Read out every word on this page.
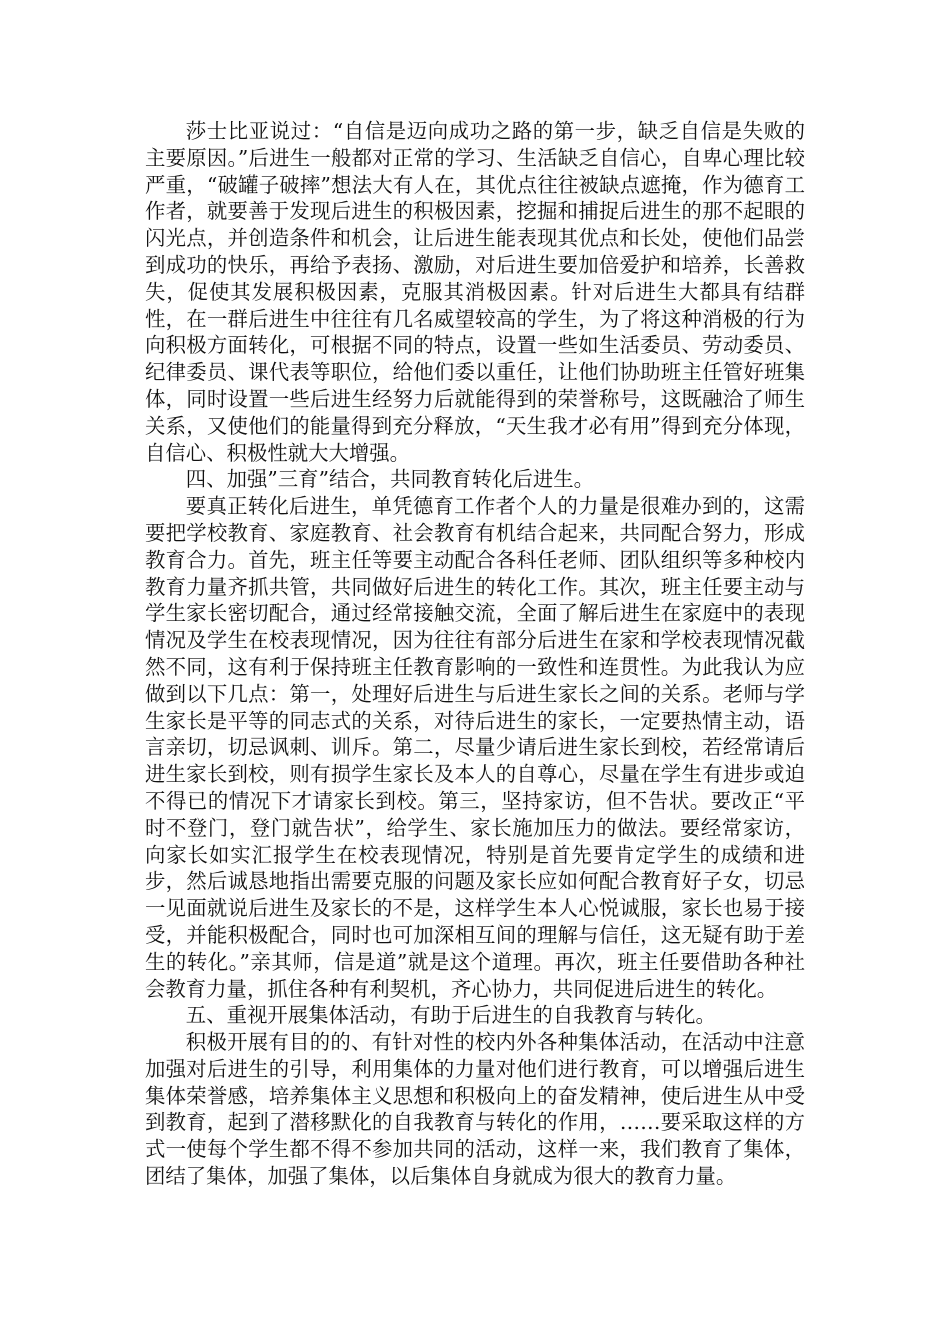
莎士比亚说过：“自信是迈向成功之路的第一步，缺乏自信是失败的主要原因。”后进生一般都对正常的学习、生活缺乏自信心，自卑心理比较严重，“破罐子破摔”想法大有人在，其优点往往被缺点遮掩，作为德育工作者，就要善于发现后进生的积极因素，挖掘和捕捉后进生的那不起眼的闪光点，并创造条件和机会，让后进生能表现其优点和长处，使他们品尝到成功的快乐，再给予表扬、激励，对后进生要加倍爱护和培养，长善救失，促使其发展积极因素，克服其消极因素。针对后进生大都具有结群性，在一群后进生中往往有几名威望较高的学生，为了将这种消极的行为向积极方面转化，可根据不同的特点，设置一些如生活委员、劳动委员、纪律委员、课代表等职位，给他们委以重任，让他们协助班主任管好班集体，同时设置一些后进生经努力后就能得到的荣誉称号，这既融洽了师生关系，又使他们的能量得到充分释放，“天生我才必有用”得到充分体现，自信心、积极性就大大增强。

四、加强”三育”结合，共同教育转化后进生。

要真正转化后进生，单凭德育工作者个人的力量是很难办到的，这需要把学校教育、家庭教育、社会教育有机结合起来，共同配合努力，形成教育合力。首先，班主任等要主动配合各科任老师、团队组织等多种校内教育力量齐抓共管，共同做好后进生的转化工作。其次，班主任要主动与学生家长密切配合，通过经常接触交流，全面了解后进生在家庭中的表现情况及学生在校表现情况，因为往往有部分后进生在家和学校表现情况截然不同，这有利于保持班主任教育影响的一致性和连贯性。为此我认为应做到以下几点：第一，处理好后进生与后进生家长之间的关系。老师与学生家长是平等的同志式的关系，对待后进生的家长，一定要热情主动，语言亲切，切忌讽刺、训斥。第二，尽量少请后进生家长到校，若经常请后进生家长到校，则有损学生家长及本人的自尊心，尽量在学生有进步或迫不得已的情况下才请家长到校。第三，坚持家访，但不告状。要改正“平时不登门，登门就告状”，给学生、家长施加压力的做法。要经常家访，向家长如实汇报学生在校表现情况，特别是首先要肯定学生的成绩和进步，然后诚恳地指出需要克服的问题及家长应如何配合教育好子女，切忌一见面就说后进生及家长的不是，这样学生本人心悦诚服，家长也易于接受，并能积极配合，同时也可加深相互间的理解与信任，这无疑有助于差生的转化。”亲其师，信是道”就是这个道理。再次，班主任要借助各种社会教育力量，抓住各种有利契机，齐心协力，共同促进后进生的转化。

五、重视开展集体活动，有助于后进生的自我教育与转化。

积极开展有目的的、有针对性的校内外各种集体活动，在活动中注意加强对后进生的引导，利用集体的力量对他们进行教育，可以增强后进生集体荣誉感，培养集体主义思想和积极向上的奋发精神，使后进生从中受到教育，起到了潜移默化的自我教育与转化的作用，……要采取这样的方式一使每个学生都不得不参加共同的活动，这样一来，我们教育了集体，团结了集体，加强了集体，以后集体自身就成为很大的教育力量。
